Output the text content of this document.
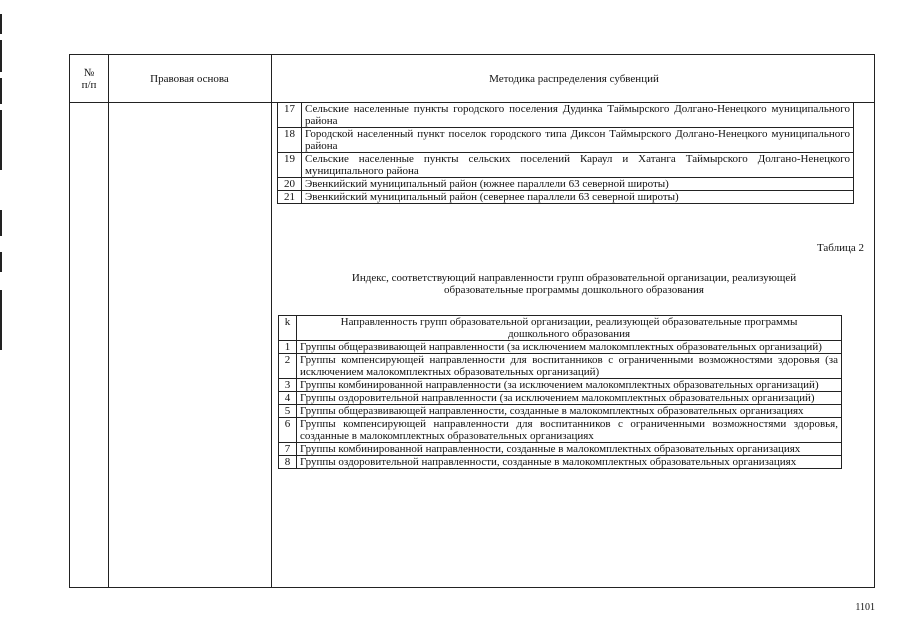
№
п/п	Правовая основа	Методика распределения субвенций
17	Сельские населенные пункты городского поселения Дудинка Таймырского Долгано-Ненецкого муниципального района
18	Городской населенный пункт поселок городского типа Диксон Таймырского Долгано-Ненецкого муниципального района
19	Сельские населенные пункты сельских поселений Караул и Хатанга Таймырского Долгано-Ненецкого муниципального района
20	Эвенкийский муниципальный район (южнее параллели 63 северной широты)
21	Эвенкийский муниципальный район (севернее параллели 63 северной широты)
Таблица 2
Индекс, соответствующий направленности групп образовательной организации, реализующей
образовательные программы дошкольного образования
k	Направленность групп образовательной организации, реализующей образовательные программы дошкольного образования
1	Группы общеразвивающей направленности (за исключением малокомплектных образовательных организаций)
2	Группы компенсирующей направленности для воспитанников с ограниченными возможностями здоровья (за исключением малокомплектных образовательных организаций)
3	Группы комбинированной направленности (за исключением малокомплектных образовательных организаций)
4	Группы оздоровительной направленности (за исключением малокомплектных образовательных организаций)
5	Группы общеразвивающей направленности, созданные в малокомплектных образовательных организациях
6	Группы компенсирующей направленности для воспитанников с ограниченными возможностями здоровья, созданные в малокомплектных образовательных организациях
7	Группы комбинированной направленности, созданные в малокомплектных образовательных организациях
8	Группы оздоровительной направленности, созданные в малокомплектных образовательных организациях
1101
